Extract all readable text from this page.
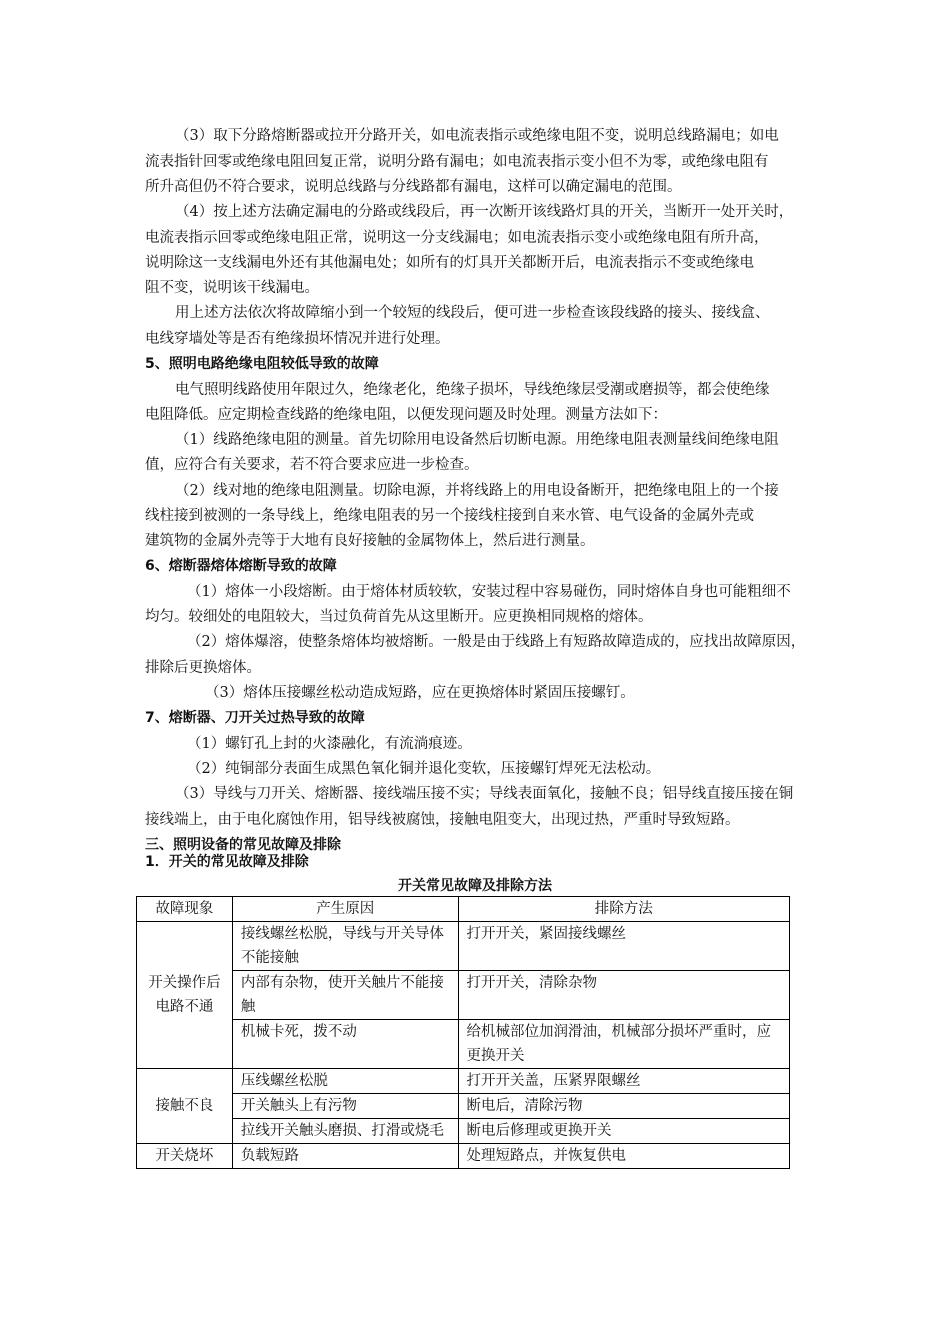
（3）取下分路熔断器或拉开分路开关，如电流表指示或绝缘电阻不变，说明总线路漏电；如电
流表指针回零或绝缘电阻回复正常，说明分路有漏电；如电流表指示变小但不为零，或绝缘电阻有
所升高但仍不符合要求，说明总线路与分线路都有漏电，这样可以确定漏电的范围。
（4）按上述方法确定漏电的分路或线段后，再一次断开该线路灯具的开关，当断开一处开关时，
电流表指示回零或绝缘电阻正常，说明这一分支线漏电；如电流表指示变小或绝缘电阻有所升高，
说明除这一支线漏电外还有其他漏电处；如所有的灯具开关都断开后，电流表指示不变或绝缘电
阻不变，说明该干线漏电。
用上述方法依次将故障缩小到一个较短的线段后，便可进一步检查该段线路的接头、接线盒、
电线穿墙处等是否有绝缘损坏情况并进行处理。
5、照明电路绝缘电阻较低导致的故障
电气照明线路使用年限过久，绝缘老化，绝缘子损坏，导线绝缘层受潮或磨损等，都会使绝缘
电阻降低。应定期检查线路的绝缘电阻，以便发现问题及时处理。测量方法如下：
（1）线路绝缘电阻的测量。首先切除用电设备然后切断电源。用绝缘电阻表测量线间绝缘电阻
值，应符合有关要求，若不符合要求应进一步检查。
（2）线对地的绝缘电阻测量。切除电源，并将线路上的用电设备断开，把绝缘电阻上的一个接
线柱接到被测的一条导线上，绝缘电阻表的另一个接线柱接到自来水管、电气设备的金属外壳或
建筑物的金属外壳等于大地有良好接触的金属物体上，然后进行测量。
6、熔断器熔体熔断导致的故障
（1）熔体一小段熔断。由于熔体材质较软，安装过程中容易碰伤，同时熔体自身也可能粗细不
均匀。较细处的电阻较大，当过负荷首先从这里断开。应更换相同规格的熔体。
（2）熔体爆溶，使整条熔体均被熔断。一般是由于线路上有短路故障造成的，应找出故障原因，
排除后更换熔体。
（3）熔体压接螺丝松动造成短路，应在更换熔体时紧固压接螺钉。
7、熔断器、刀开关过热导致的故障
（1）螺钉孔上封的火漆融化，有流淌痕迹。
（2）纯铜部分表面生成黑色氧化铜并退化变软，压接螺钉焊死无法松动。
（3）导线与刀开关、熔断器、接线端压接不实；导线表面氧化，接触不良；铝导线直接压接在铜
接线端上，由于电化腐蚀作用，铝导线被腐蚀，接触电阻变大，出现过热，严重时导致短路。
三、照明设备的常见故障及排除
1．开关的常见故障及排除
开关常见故障及排除方法
故障现象	产生原因	排除方法
开关操作后电路不通	接线螺丝松脱，导线与开关导体不能接触	打开开关，紧固接线螺丝
	内部有杂物，使开关触片不能接触	打开开关，清除杂物
	机械卡死，拨不动	给机械部位加润滑油，机械部分损坏严重时，应更换开关
接触不良	压线螺丝松脱	打开开关盖，压紧界限螺丝
	开关触头上有污物	断电后，清除污物
	拉线开关触头磨损、打滑或烧毛	断电后修理或更换开关
开关烧坏	负载短路	处理短路点，并恢复供电
